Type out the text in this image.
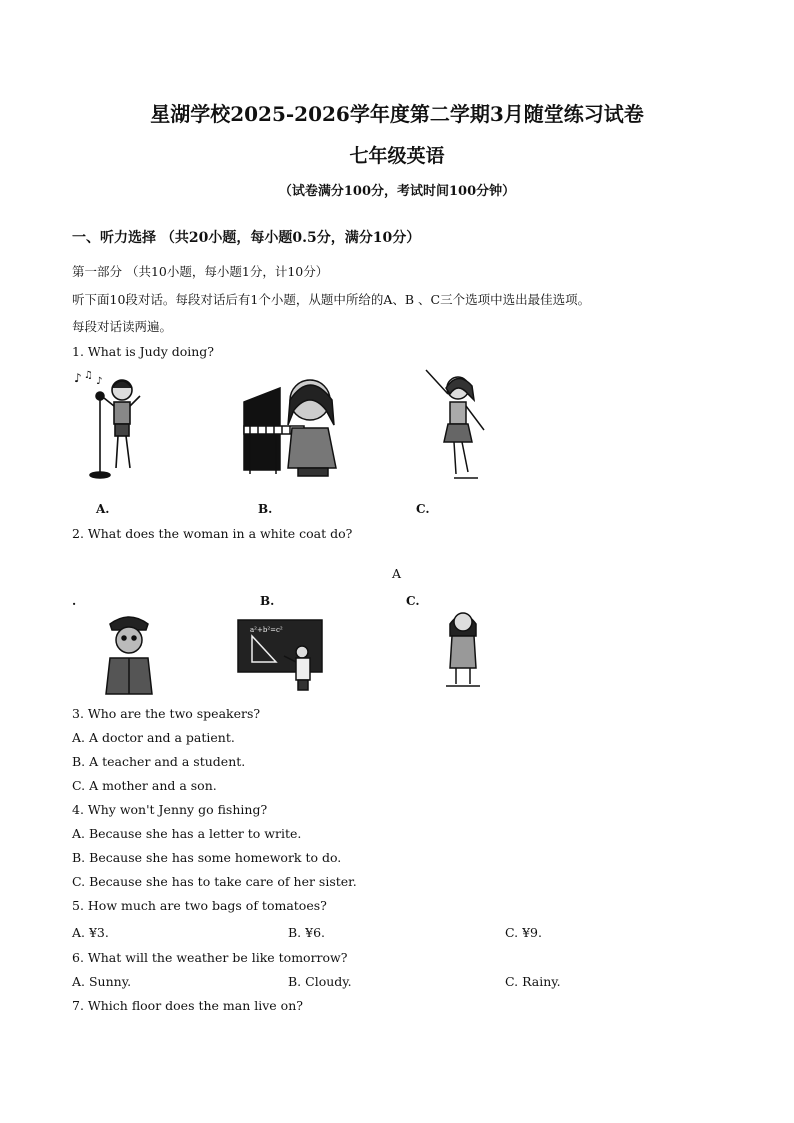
星湖学校2025-2026学年度第二学期3月随堂练习试卷
七年级英语
（试卷满分100分，考试时间100分钟）
一、听力选择 （共20小题，每小题0.5分，满分10分）
第一部分 （共10小题，每小题1分，计10分）
听下面10段对话。每段对话后有1个小题，从题中所给的A、B 、C三个选项中选出最佳选项。
每段对话读两遍。
1. What is Judy doing?
♪ ♫
♪
A.	B.	C.
2. What does the woman in a white coat do?
A
.	B.	C.
a²+b²=c²
3. Who are the two speakers?
A. A doctor and a patient.
B. A teacher and a student.
C. A mother and a son.
4. Why won't Jenny go fishing?
A. Because she has a letter to write.
B. Because she has some homework to do.
C. Because she has to take care of her sister.
5. How much are two bags of tomatoes?
A. ¥3.	B. ¥6.	C. ¥9.
6. What will the weather be like tomorrow?
A. Sunny.	B. Cloudy.	C. Rainy.
7. Which floor does the man live on?
